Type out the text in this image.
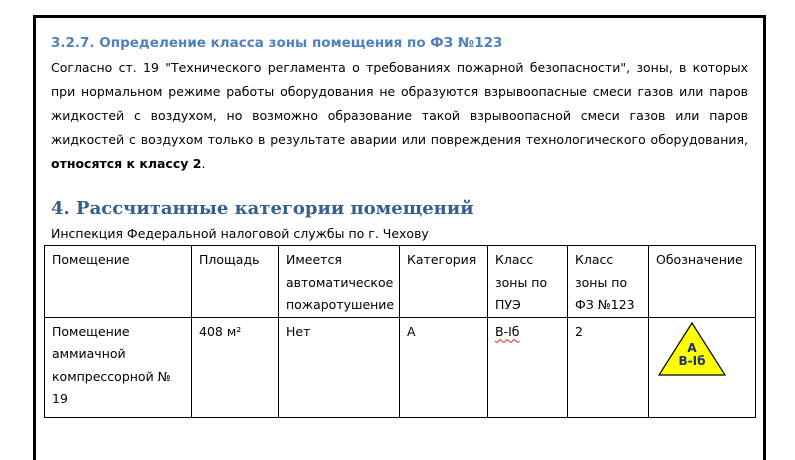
3.2.7. Определение класса зоны помещения по ФЗ №123
Согласно ст. 19 "Технического регламента о требованиях пожарной безопасности", зоны, в которых при нормальном режиме работы оборудования не образуются взрывоопасные смеси газов или паров жидкостей с воздухом, но возможно образование такой взрывоопасной смеси газов или паров жидкостей с воздухом только в результате аварии или повреждения технологического оборудования, относятся к классу 2.
4. Рассчитанные категории помещений
Инспекция Федеральной налоговой службы по г. Чехову
Помещение	Площадь	Имеется автоматическое пожаротушение	Категория	Класс зоны по ПУЭ	Класс зоны по ФЗ №123	Обозначение
Помещение аммиачной компрессорной № 19	408 м²	Нет	А	В-Iб	2	А
В-Iб
